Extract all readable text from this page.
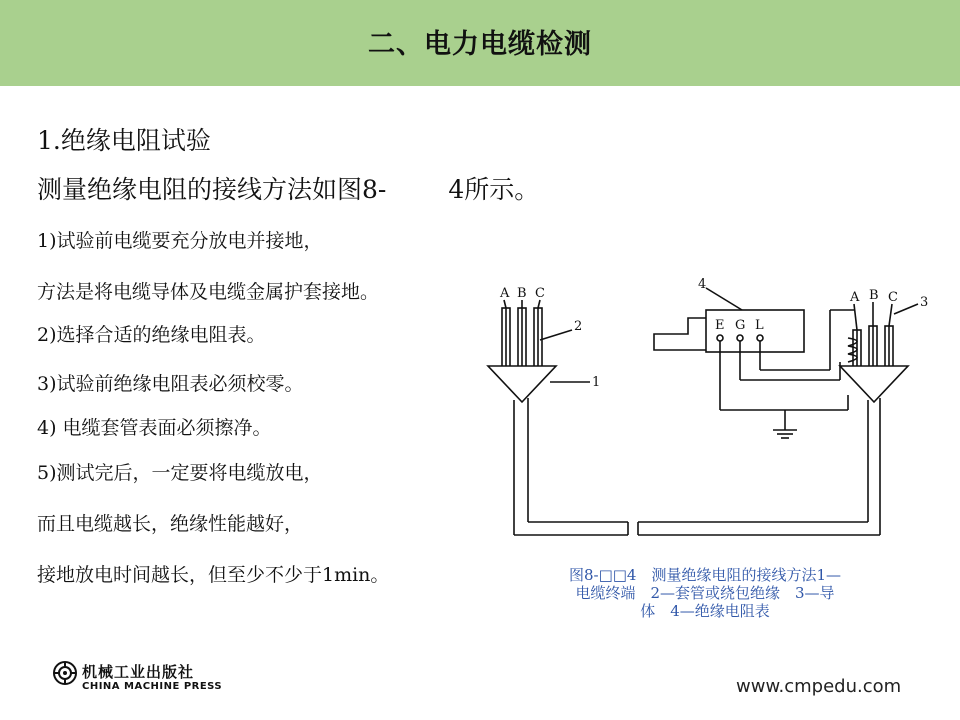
二、电力电缆检测
1.绝缘电阻试验
测量绝缘电阻的接线方法如图8- 4所示。
1)试验前电缆要充分放电并接地，
方法是将电缆导体及电缆金属护套接地。
2)选择合适的绝缘电阻表。
3)试验前绝缘电阻表必须校零。
4) 电缆套管表面必须擦净。
5)测试完后，一定要将电缆放电，
而且电缆越长，绝缘性能越好，
接地放电时间越长，但至少不少于1min。
A B C	A B C
E G L
1
2
3
4
图8-□□4　测量绝缘电阻的接线方法1—
电缆终端　2—套管或绕包绝缘　3—导
体　4—绝缘电阻表
机械工业出版社
CHINA MACHINE PRESS	www.cmpedu.com
